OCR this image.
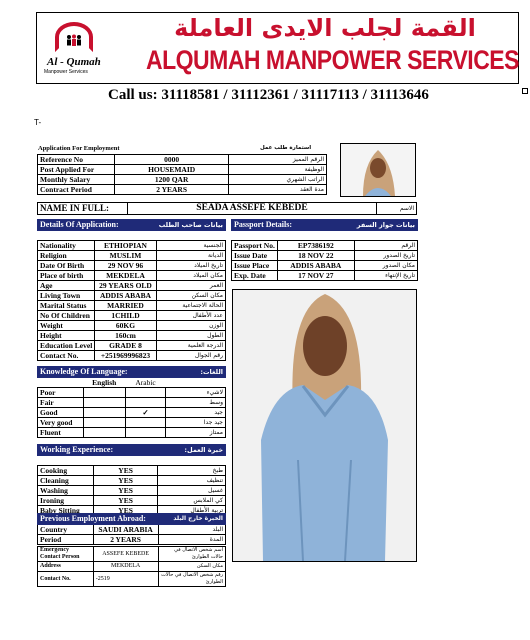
Al - Qumah
Manpower Services
القمة لجلب الايدى العاملة
ALQUMAH MANPOWER SERVICES
Call us: 31118581 / 31112361 / 31117113 / 31113646
T-
Application For Employment	استمارة طلب عمل
Reference No	0000	الرقم المميز
Post Applied For	HOUSEMAID	الوظيفة
Monthly Salary	1200 QAR	الراتب الشهري
Contract Period	2 YEARS	مدة العقد
NAME IN FULL:	SEADA ASSEFE KEBEDE	الاسم
Details Of Application:		بيانات صاحب الطلب

Nationality	ETHIOPIAN	الجنسية
Religion	MUSLIM	الديانة
Date Of Birth	29 NOV 96	تاريخ الميلاد
Place of birth	MEKDELA	مكان الميلاد
Age	29 YEARS OLD	العمر
Living Town	ADDIS ABABA	مكان السكن
Marital Status	MARRIED	الحالة الاجتماعية
No Of Children	1CHILD	عدد الأطفال
Weight	60KG	الوزن
Height	160cm	الطول
Education Level	GRADE 8	الدرجة العلمية
Contact No.	+251969996823	رقم الجوال
Passport Details:		بيانات جواز السفر

Passport No.	EP7386192	الرقم
Issue Date	18 NOV 22	تاريخ الصدور
Issue Place	ADDIS ABABA	مكان الصدور
Exp. Date	17 NOV 27	تاريخ الإنتهاء
Knowledge Of Language:			اللغات:
	English	Arabic	
Poor			لاشيء
Fair			وسط
Good		✓	جيد
Very good			جيد جدا
Fluent			ممتاز
Working Experience:		خبرة العمل:

Cooking	YES	طبخ
Cleaning	YES	تنظيف
Washing	YES	غسيل
Ironing	YES	كي الملابس
Baby Sitting	YES	تربية الأطفال
Previous Employment Abroad:		الخبرة خارج البلد
Country	SAUDI ARABIA	البلد
Period	2 YEARS	المدة
Emergency Contact Person	ASSEFE KEBEDE	اسم شخص الاتصال في حالات الطوارئ
Address	MEKDELA	مكان السكن
Contact No.	-2519	رقم شخص الاتصال في حالات الطوارئ
